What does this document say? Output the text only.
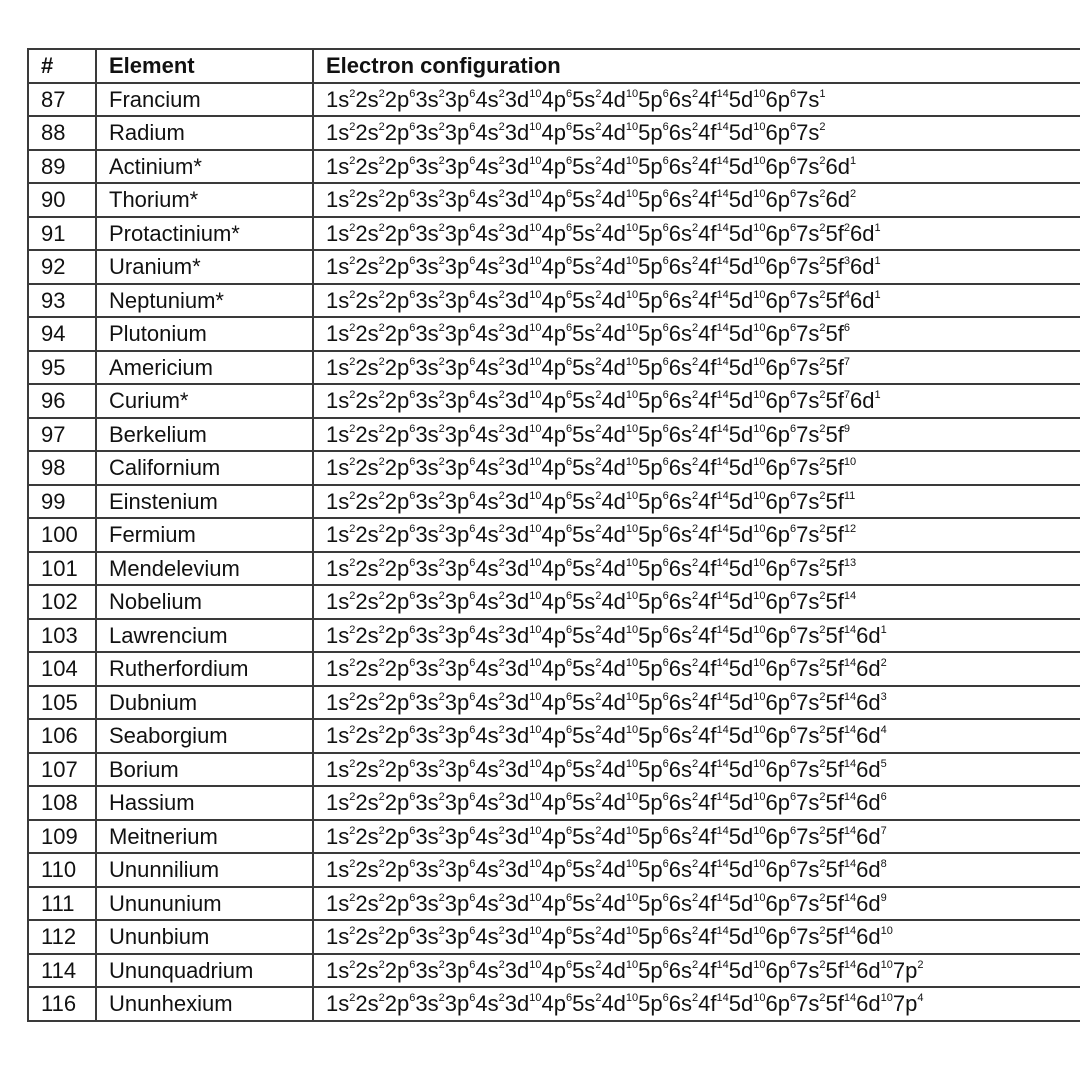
#	Element	Electron configuration
87	Francium	$1s^22s^22p^63s^23p^64s^23d^{10}4p^65s^24d^{10}5p^66s^24f^{14}5d^{10}6p^67s^1$
88	Radium	$1s^22s^22p^63s^23p^64s^23d^{10}4p^65s^24d^{10}5p^66s^24f^{14}5d^{10}6p^67s^2$
89	Actinium*	$1s^22s^22p^63s^23p^64s^23d^{10}4p^65s^24d^{10}5p^66s^24f^{14}5d^{10}6p^67s^26d^1$
90	Thorium*	$1s^22s^22p^63s^23p^64s^23d^{10}4p^65s^24d^{10}5p^66s^24f^{14}5d^{10}6p^67s^26d^2$
91	Protactinium*	$1s^22s^22p^63s^23p^64s^23d^{10}4p^65s^24d^{10}5p^66s^24f^{14}5d^{10}6p^67s^25f^26d^1$
92	Uranium*	$1s^22s^22p^63s^23p^64s^23d^{10}4p^65s^24d^{10}5p^66s^24f^{14}5d^{10}6p^67s^25f^36d^1$
93	Neptunium*	$1s^22s^22p^63s^23p^64s^23d^{10}4p^65s^24d^{10}5p^66s^24f^{14}5d^{10}6p^67s^25f^46d^1$
94	Plutonium	$1s^22s^22p^63s^23p^64s^23d^{10}4p^65s^24d^{10}5p^66s^24f^{14}5d^{10}6p^67s^25f^6$
95	Americium	$1s^22s^22p^63s^23p^64s^23d^{10}4p^65s^24d^{10}5p^66s^24f^{14}5d^{10}6p^67s^25f^7$
96	Curium*	$1s^22s^22p^63s^23p^64s^23d^{10}4p^65s^24d^{10}5p^66s^24f^{14}5d^{10}6p^67s^25f^76d^1$
97	Berkelium	$1s^22s^22p^63s^23p^64s^23d^{10}4p^65s^24d^{10}5p^66s^24f^{14}5d^{10}6p^67s^25f^9$
98	Californium	$1s^22s^22p^63s^23p^64s^23d^{10}4p^65s^24d^{10}5p^66s^24f^{14}5d^{10}6p^67s^25f^{10}$
99	Einstenium	$1s^22s^22p^63s^23p^64s^23d^{10}4p^65s^24d^{10}5p^66s^24f^{14}5d^{10}6p^67s^25f^{11}$
100	Fermium	$1s^22s^22p^63s^23p^64s^23d^{10}4p^65s^24d^{10}5p^66s^24f^{14}5d^{10}6p^67s^25f^{12}$
101	Mendelevium	$1s^22s^22p^63s^23p^64s^23d^{10}4p^65s^24d^{10}5p^66s^24f^{14}5d^{10}6p^67s^25f^{13}$
102	Nobelium	$1s^22s^22p^63s^23p^64s^23d^{10}4p^65s^24d^{10}5p^66s^24f^{14}5d^{10}6p^67s^25f^{14}$
103	Lawrencium	$1s^22s^22p^63s^23p^64s^23d^{10}4p^65s^24d^{10}5p^66s^24f^{14}5d^{10}6p^67s^25f^{14}6d^1$
104	Rutherfordium	$1s^22s^22p^63s^23p^64s^23d^{10}4p^65s^24d^{10}5p^66s^24f^{14}5d^{10}6p^67s^25f^{14}6d^2$
105	Dubnium	$1s^22s^22p^63s^23p^64s^23d^{10}4p^65s^24d^{10}5p^66s^24f^{14}5d^{10}6p^67s^25f^{14}6d^3$
106	Seaborgium	$1s^22s^22p^63s^23p^64s^23d^{10}4p^65s^24d^{10}5p^66s^24f^{14}5d^{10}6p^67s^25f^{14}6d^4$
107	Borium	$1s^22s^22p^63s^23p^64s^23d^{10}4p^65s^24d^{10}5p^66s^24f^{14}5d^{10}6p^67s^25f^{14}6d^5$
108	Hassium	$1s^22s^22p^63s^23p^64s^23d^{10}4p^65s^24d^{10}5p^66s^24f^{14}5d^{10}6p^67s^25f^{14}6d^6$
109	Meitnerium	$1s^22s^22p^63s^23p^64s^23d^{10}4p^65s^24d^{10}5p^66s^24f^{14}5d^{10}6p^67s^25f^{14}6d^7$
110	Ununnilium	$1s^22s^22p^63s^23p^64s^23d^{10}4p^65s^24d^{10}5p^66s^24f^{14}5d^{10}6p^67s^25f^{14}6d^8$
111	Unununium	$1s^22s^22p^63s^23p^64s^23d^{10}4p^65s^24d^{10}5p^66s^24f^{14}5d^{10}6p^67s^25f^{14}6d^9$
112	Ununbium	$1s^22s^22p^63s^23p^64s^23d^{10}4p^65s^24d^{10}5p^66s^24f^{14}5d^{10}6p^67s^25f^{14}6d^{10}$
114	Ununquadrium	$1s^22s^22p^63s^23p^64s^23d^{10}4p^65s^24d^{10}5p^66s^24f^{14}5d^{10}6p^67s^25f^{14}6d^{10}7p^2$
116	Ununhexium	$1s^22s^22p^63s^23p^64s^23d^{10}4p^65s^24d^{10}5p^66s^24f^{14}5d^{10}6p^67s^25f^{14}6d^{10}7p^4$
